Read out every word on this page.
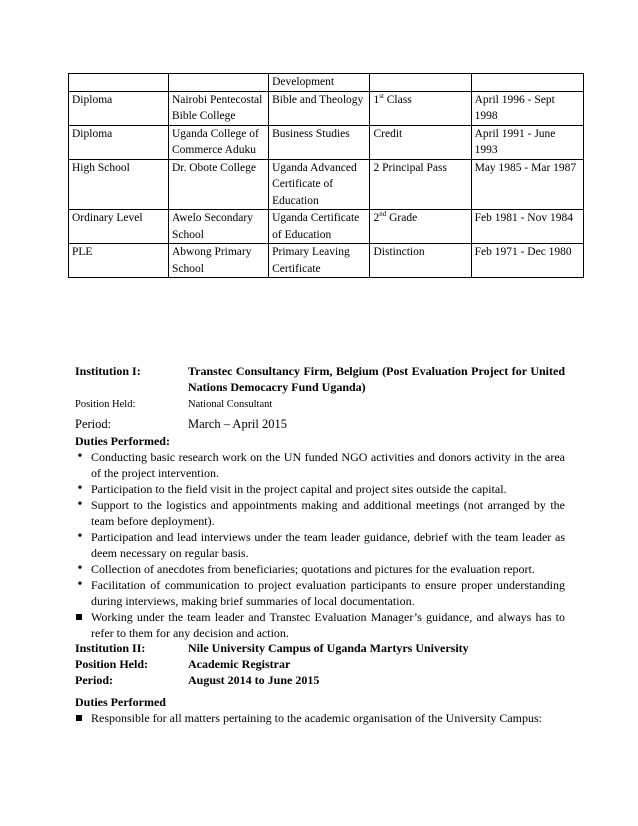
		Development		
Diploma	Nairobi Pentecostal Bible College	Bible and Theology	1st Class	April 1996 - Sept 1998
Diploma	Uganda College of Commerce Aduku	Business Studies	Credit	April 1991 - June 1993
High School	Dr. Obote College	Uganda Advanced Certificate of Education	2 Principal Pass	May 1985 - Mar 1987
Ordinary Level	Awelo Secondary School	Uganda Certificate of Education	2nd Grade	Feb 1981 - Nov 1984
PLE	Abwong Primary School	Primary Leaving Certificate	Distinction	Feb 1971 - Dec 1980
Institution I:	Transtec Consultancy Firm, Belgium (Post Evaluation Project for United Nations Democacry Fund Uganda)
Position Held:	National Consultant
Period:	March – April 2015
Duties Performed:
• Conducting basic research work on the UN funded NGO activities and donors activity in the area of the project intervention.
• Participation to the field visit in the project capital and project sites outside the capital.
• Support to the logistics and appointments making and additional meetings (not arranged by the team before deployment).
• Participation and lead interviews under the team leader guidance, debrief with the team leader as deem necessary on regular basis.
• Collection of anecdotes from beneficiaries; quotations and pictures for the evaluation report.
• Facilitation of communication to project evaluation participants to ensure proper understanding during interviews, making brief summaries of local documentation.
Working under the team leader and Transtec Evaluation Manager’s guidance, and always has to refer to them for any decision and action.
Institution II:	Nile University Campus of Uganda Martyrs University
Position Held:	Academic Registrar
Period:	August 2014 to June 2015
Duties Performed
Responsible for all matters pertaining to the academic organisation of the University Campus:
